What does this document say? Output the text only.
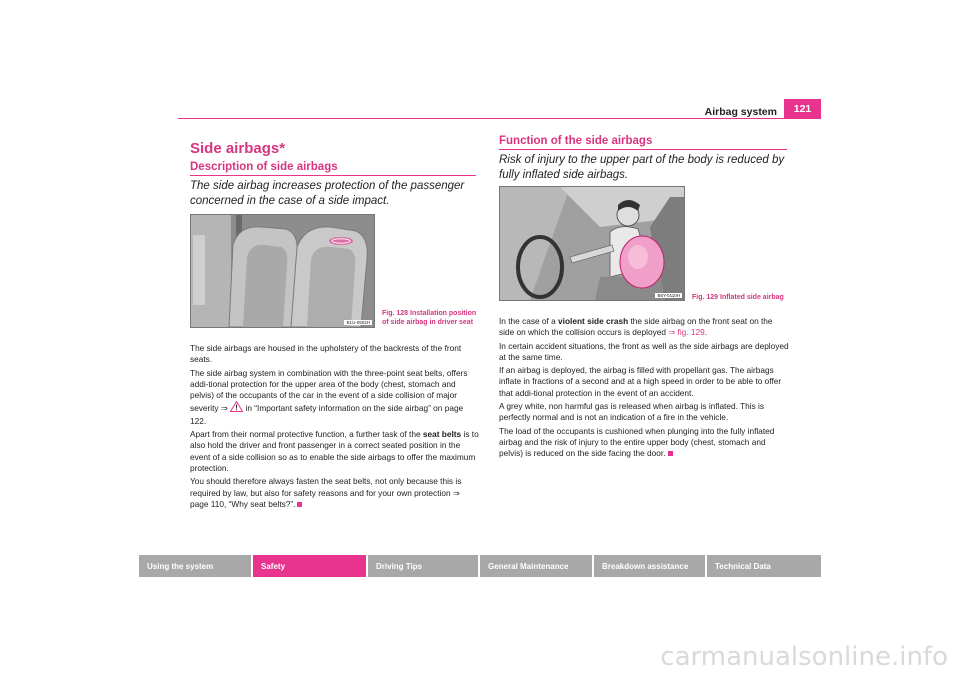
Airbag system	121
Side airbags*
Description of side airbags
The side airbag increases protection of the passenger concerned in the case of a side impact.
B1U-0502H
Fig. 128 Installation position
of side airbag in driver seat

The side airbags are housed in the upholstery of the backrests of the front seats.

The side airbag system in combination with the three-point seat belts, offers addi-tional protection for the upper area of the body (chest, stomach and pelvis) of the occupants of the car in the event of a side collision of major severity ⇒ in “Important safety information on the side airbag” on page 122.

Apart from their normal protective function, a further task of the seat belts is to also hold the driver and front passenger in a correct seated position in the event of a side collision so as to enable the side airbags to offer the maximum protection.

You should therefore always fasten the seat belts, not only because this is required by law, but also for safety reasons and for your own protection ⇒ page 110, “Why seat belts?”.

Function of the side airbags
Risk of injury to the upper part of the body is reduced by fully inflated side airbags.
B6Y-0110H Fig. 129 Inflated side airbag

In the case of a violent side crash the side airbag on the front seat on the side on which the collision occurs is deployed ⇒ fig. 129.

In certain accident situations, the front as well as the side airbags are deployed at the same time.

If an airbag is deployed, the airbag is filled with propellant gas. The airbags inflate in fractions of a second and at a high speed in order to be able to offer that addi-tional protection in the event of an accident.

A grey white, non harmful gas is released when airbag is inflated. This is perfectly normal and is not an indication of a fire in the vehicle.

The load of the occupants is cushioned when plunging into the fully inflated airbag and the risk of injury to the entire upper body (chest, stomach and pelvis) is reduced on the side facing the door.

Using the system	Safety	Driving Tips	General Maintenance	Breakdown assistance	Technical Data
carmanualsonline.info
